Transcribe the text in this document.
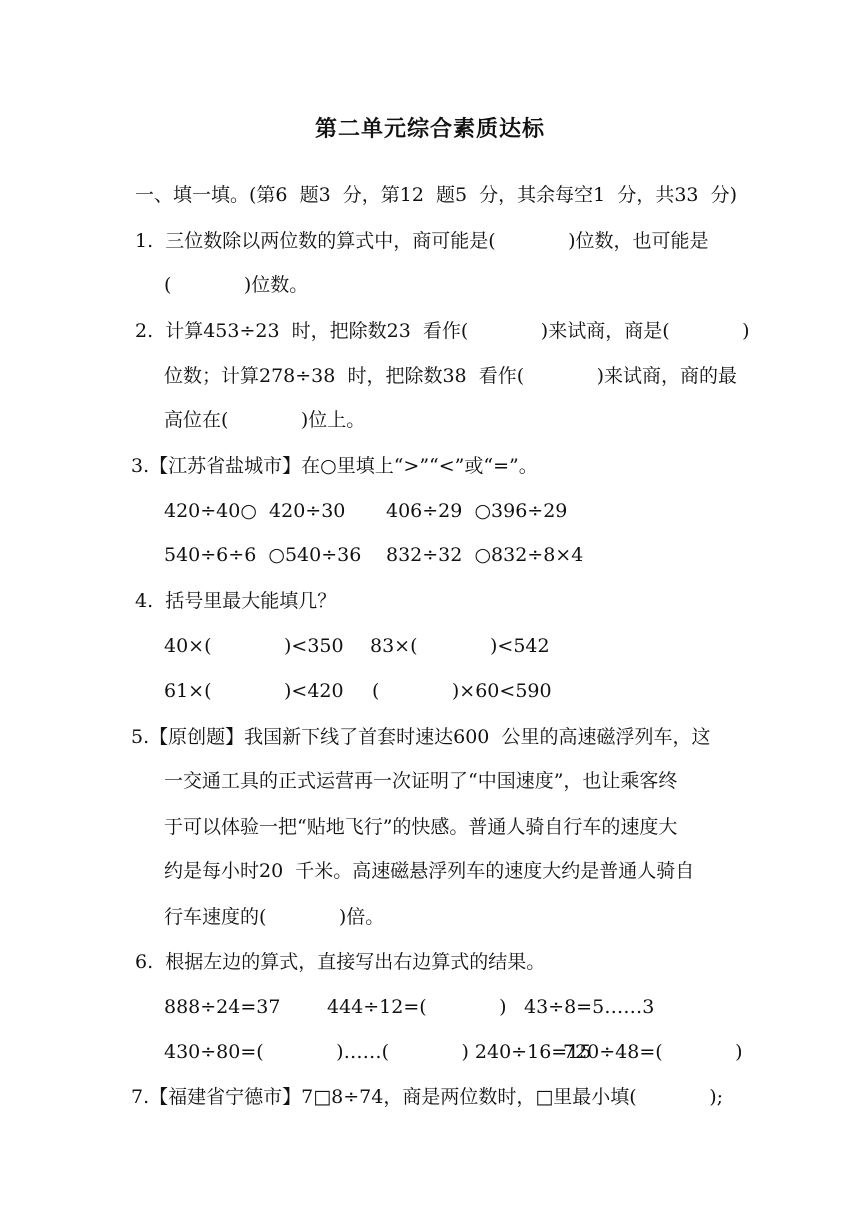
第二单元综合素质达标
一、填一填。(第6  题3  分，第12  题5  分，其余每空1  分，共33  分)
1.  三位数除以两位数的算式中，商可能是(            )位数，也可能是
(            )位数。
2.  计算453÷23  时，把除数23  看作(            )来试商，商是(            )
位数；计算278÷38  时，把除数38  看作(            )来试商，商的最
高位在(            )位上。
3.【江苏省盐城市】在○里填上“>”“<”或“=”。
420÷40○  420÷30 406÷29  ○396÷29
540÷6÷6  ○540÷36 832÷32  ○832÷8×4
4.  括号里最大能填几？
40×(            )<350 83×(            )<542
61×(            )<420 (            )×60<590
5.【原创题】我国新下线了首套时速达600  公里的高速磁浮列车，这
一交通工具的正式运营再一次证明了“中国速度”，也让乘客终
于可以体验一把“贴地飞行”的快感。普通人骑自行车的速度大
约是每小时20  千米。高速磁悬浮列车的速度大约是普通人骑自
行车速度的(            )倍。
6.  根据左边的算式，直接写出右边算式的结果。
888÷24=37 444÷12=(            ) 43÷8=5……3
430÷80=(            )……(            ) 240÷16=15
720÷48=(            )
7.【福建省宁德市】7□8÷74，商是两位数时，□里最小填(            );
